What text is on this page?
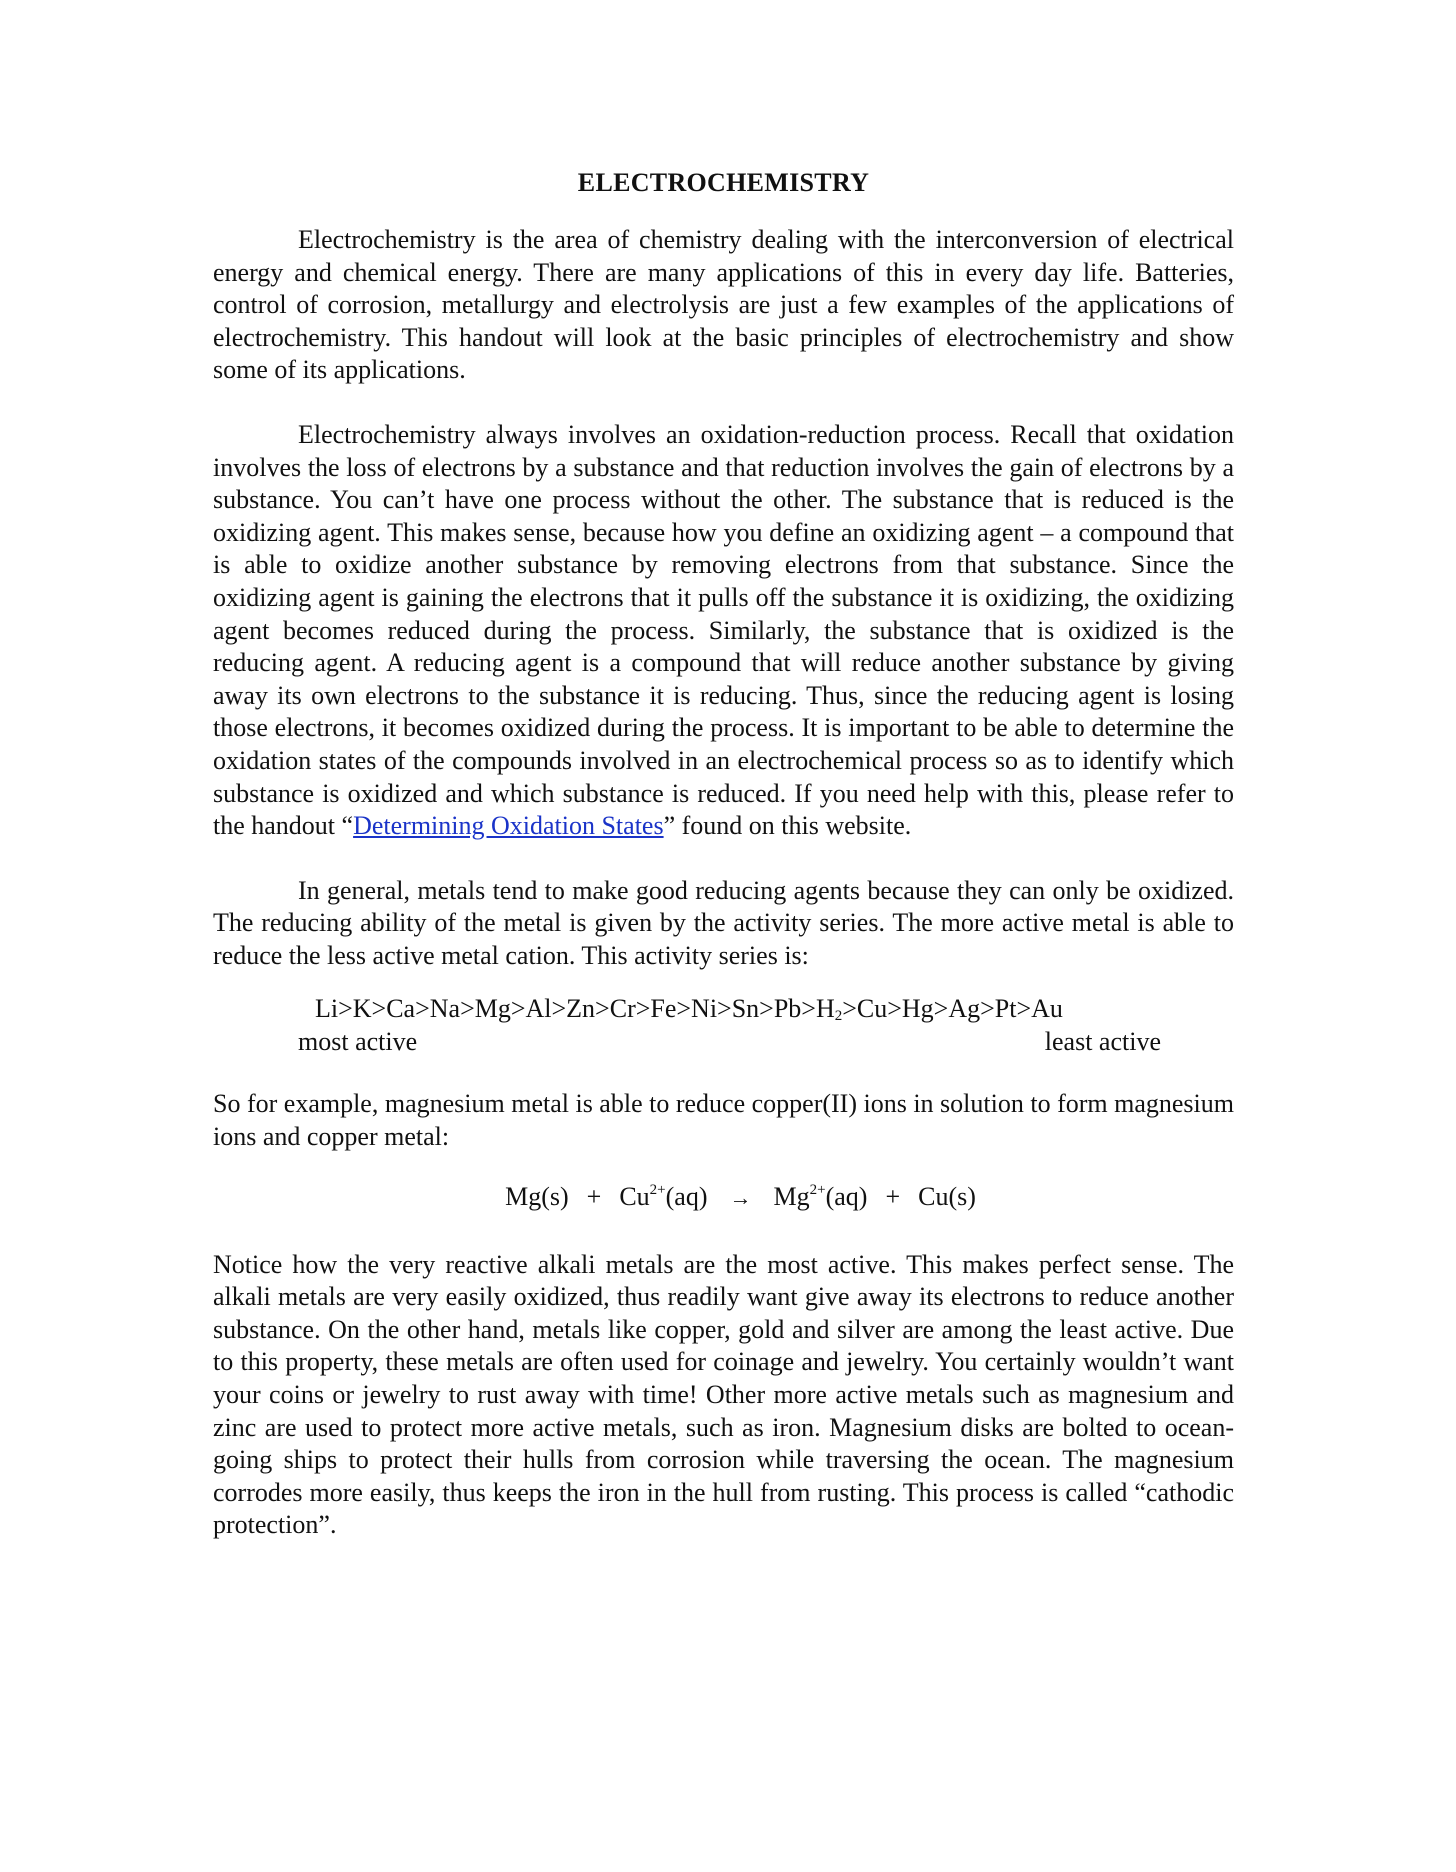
ELECTROCHEMISTRY

Electrochemistry is the area of chemistry dealing with the interconversion of electrical energy and chemical energy. There are many applications of this in every day life. Batteries, control of corrosion, metallurgy and electrolysis are just a few examples of the applications of electrochemistry. This handout will look at the basic principles of electrochemistry and show some of its applications.

Electrochemistry always involves an oxidation-reduction process. Recall that oxidation involves the loss of electrons by a substance and that reduction involves the gain of electrons by a substance. You can’t have one process without the other. The substance that is reduced is the oxidizing agent. This makes sense, because how you define an oxidizing agent – a compound that is able to oxidize another substance by removing electrons from that substance. Since the oxidizing agent is gaining the electrons that it pulls off the substance it is oxidizing, the oxidizing agent becomes reduced during the process. Similarly, the substance that is oxidized is the reducing agent. A reducing agent is a compound that will reduce another substance by giving away its own electrons to the substance it is reducing. Thus, since the reducing agent is losing those electrons, it becomes oxidized during the process. It is important to be able to determine the oxidation states of the compounds involved in an electrochemical process so as to identify which substance is oxidized and which substance is reduced. If you need help with this, please refer to the handout “Determining Oxidation States” found on this website.

In general, metals tend to make good reducing agents because they can only be oxidized. The reducing ability of the metal is given by the activity series. The more active metal is able to reduce the less active metal cation. This activity series is:

$Li>K>Ca>Na>Mg>Al>Zn>Cr>Fe>Ni>Sn>Pb>H_2>Cu>Hg>Ag>Pt>Au$
most active	least active

So for example, magnesium metal is able to reduce copper(II) ions in solution to form magnesium ions and copper metal:

$Mg(s) + Cu^{2+}(aq) \to Mg^{2+}(aq) + Cu(s)$

Notice how the very reactive alkali metals are the most active. This makes perfect sense. The alkali metals are very easily oxidized, thus readily want give away its electrons to reduce another substance. On the other hand, metals like copper, gold and silver are among the least active. Due to this property, these metals are often used for coinage and jewelry. You certainly wouldn’t want your coins or jewelry to rust away with time! Other more active metals such as magnesium and zinc are used to protect more active metals, such as iron. Magnesium disks are bolted to ocean-going ships to protect their hulls from corrosion while traversing the ocean. The magnesium corrodes more easily, thus keeps the iron in the hull from rusting. This process is called “cathodic protection”.
